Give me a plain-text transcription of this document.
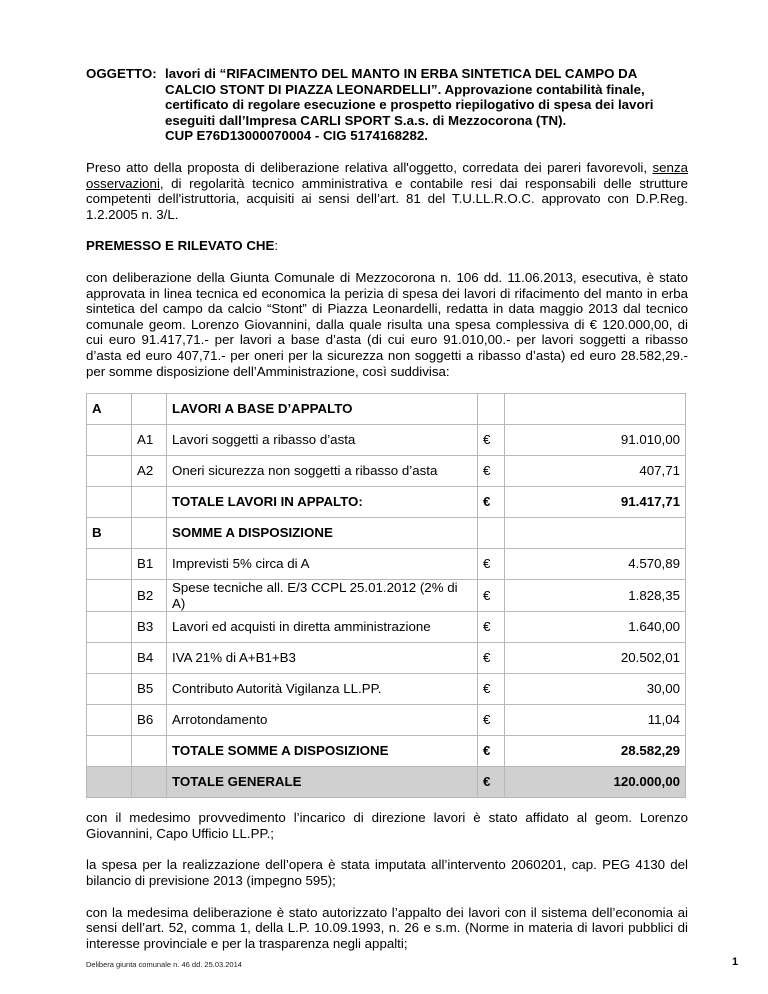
OGGETTO: lavori di “RIFACIMENTO DEL MANTO IN ERBA SINTETICA DEL CAMPO DA
CALCIO STONT DI PIAZZA LEONARDELLI”. Approvazione contabilità finale,
certificato di regolare esecuzione e prospetto riepilogativo di spesa dei lavori
eseguiti dall’Impresa CARLI SPORT S.a.s. di Mezzocorona (TN).
CUP E76D13000070004 - CIG 5174168282.

Preso atto della proposta di deliberazione relativa all'oggetto, corredata dei pareri favorevoli, senza osservazioni, di regolarità tecnico amministrativa e contabile resi dai responsabili delle strutture competenti dell'istruttoria, acquisiti ai sensi dell’art. 81 del T.U.LL.R.O.C. approvato con D.P.Reg. 1.2.2005 n. 3/L.

PREMESSO E RILEVATO CHE:

con deliberazione della Giunta Comunale di Mezzocorona n. 106 dd. 11.06.2013, esecutiva, è stato approvata in linea tecnica ed economica la perizia di spesa dei lavori di rifacimento del manto in erba sintetica del campo da calcio “Stont” di Piazza Leonardelli, redatta in data maggio 2013 dal tecnico comunale geom. Lorenzo Giovannini, dalla quale risulta una spesa complessiva di € 120.000,00, di cui euro 91.417,71.- per lavori a base d’asta (di cui euro 91.010,00.- per lavori soggetti a ribasso d’asta ed euro 407,71.- per oneri per la sicurezza non soggetti a ribasso d’asta) ed euro 28.582,29.- per somme disposizione dell’Amministrazione, così suddivisa:

A		LAVORI A BASE D’APPALTO		
	A1	Lavori soggetti a ribasso d’asta	€	91.010,00
	A2	Oneri sicurezza non soggetti a ribasso d’asta	€	407,71
		TOTALE LAVORI IN APPALTO:	€	91.417,71
B		SOMME A DISPOSIZIONE		
	B1	Imprevisti 5% circa di A	€	4.570,89
	B2	Spese tecniche all. E/3 CCPL 25.01.2012 (2% di A)	€	1.828,35
	B3	Lavori ed acquisti in diretta amministrazione	€	1.640,00
	B4	IVA 21% di A+B1+B3	€	20.502,01
	B5	Contributo Autorità Vigilanza LL.PP.	€	30,00
	B6	Arrotondamento	€	11,04
		TOTALE SOMME A DISPOSIZIONE	€	28.582,29
		TOTALE GENERALE	€	120.000,00

con il medesimo provvedimento l’incarico di direzione lavori è stato affidato al geom. Lorenzo Giovannini, Capo Ufficio LL.PP.;

la spesa per la realizzazione dell’opera è stata imputata all’intervento 2060201, cap. PEG 4130 del bilancio di previsione 2013 (impegno 595);

con la medesima deliberazione è stato autorizzato l’appalto dei lavori con il sistema dell’economia ai sensi dell’art. 52, comma 1, della L.P. 10.09.1993, n. 26 e s.m. (Norme in materia di lavori pubblici di interesse provinciale e per la trasparenza negli appalti;

Delibera giunta comunale n. 46 dd. 25.03.2014	1
